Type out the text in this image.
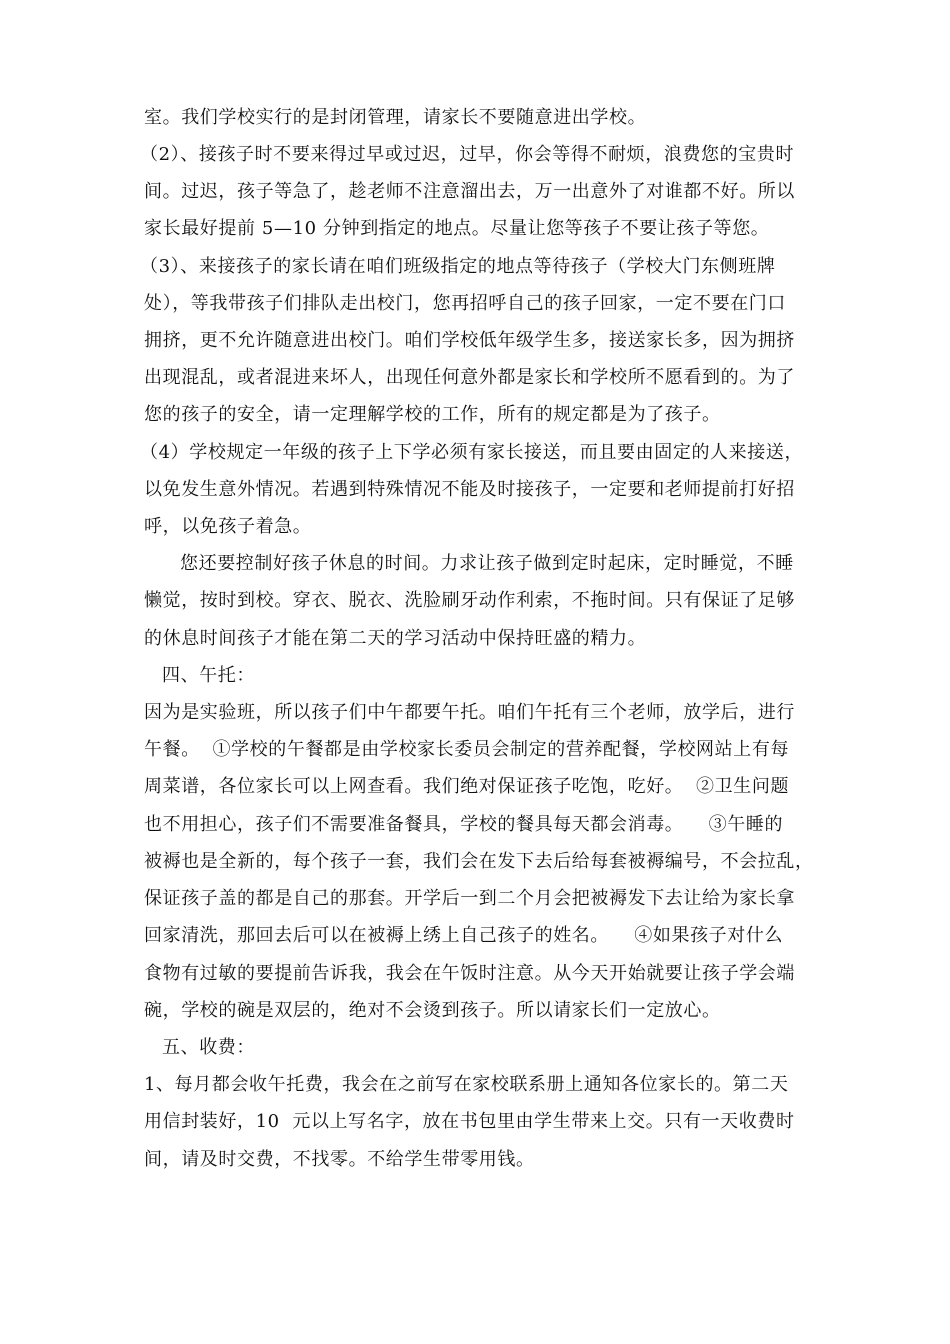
室。我们学校实行的是封闭管理，请家长不要随意进出学校。
（2）、接孩子时不要来得过早或过迟，过早，你会等得不耐烦，浪费您的宝贵时
间。过迟，孩子等急了，趁老师不注意溜出去，万一出意外了对谁都不好。所以
家长最好提前 5—10 分钟到指定的地点。尽量让您等孩子不要让孩子等您。
（3）、来接孩子的家长请在咱们班级指定的地点等待孩子（学校大门东侧班牌
处），等我带孩子们排队走出校门，您再招呼自己的孩子回家，一定不要在门口
拥挤，更不允许随意进出校门。咱们学校低年级学生多，接送家长多，因为拥挤
出现混乱，或者混进来坏人，出现任何意外都是家长和学校所不愿看到的。为了
您的孩子的安全，请一定理解学校的工作，所有的规定都是为了孩子。
（4）学校规定一年级的孩子上下学必须有家长接送，而且要由固定的人来接送，
以免发生意外情况。若遇到特殊情况不能及时接孩子，一定要和老师提前打好招
呼，以免孩子着急。
您还要控制好孩子休息的时间。力求让孩子做到定时起床，定时睡觉，不睡
懒觉，按时到校。穿衣、脱衣、洗脸刷牙动作利索，不拖时间。只有保证了足够
的休息时间孩子才能在第二天的学习活动中保持旺盛的精力。
四、午托：
因为是实验班，所以孩子们中午都要午托。咱们午托有三个老师，放学后，进行
午餐。  ①学校的午餐都是由学校家长委员会制定的营养配餐，学校网站上有每
周菜谱，各位家长可以上网查看。我们绝对保证孩子吃饱，吃好。  ②卫生问题
也不用担心，孩子们不需要准备餐具，学校的餐具每天都会消毒。    ③午睡的
被褥也是全新的，每个孩子一套，我们会在发下去后给每套被褥编号，不会拉乱，
保证孩子盖的都是自己的那套。开学后一到二个月会把被褥发下去让给为家长拿
回家清洗，那回去后可以在被褥上绣上自己孩子的姓名。    ④如果孩子对什么
食物有过敏的要提前告诉我，我会在午饭时注意。从今天开始就要让孩子学会端
碗，学校的碗是双层的，绝对不会烫到孩子。所以请家长们一定放心。
五、收费：
1、每月都会收午托费，我会在之前写在家校联系册上通知各位家长的。第二天
用信封装好，10  元以上写名字，放在书包里由学生带来上交。只有一天收费时
间，请及时交费，不找零。不给学生带零用钱。
